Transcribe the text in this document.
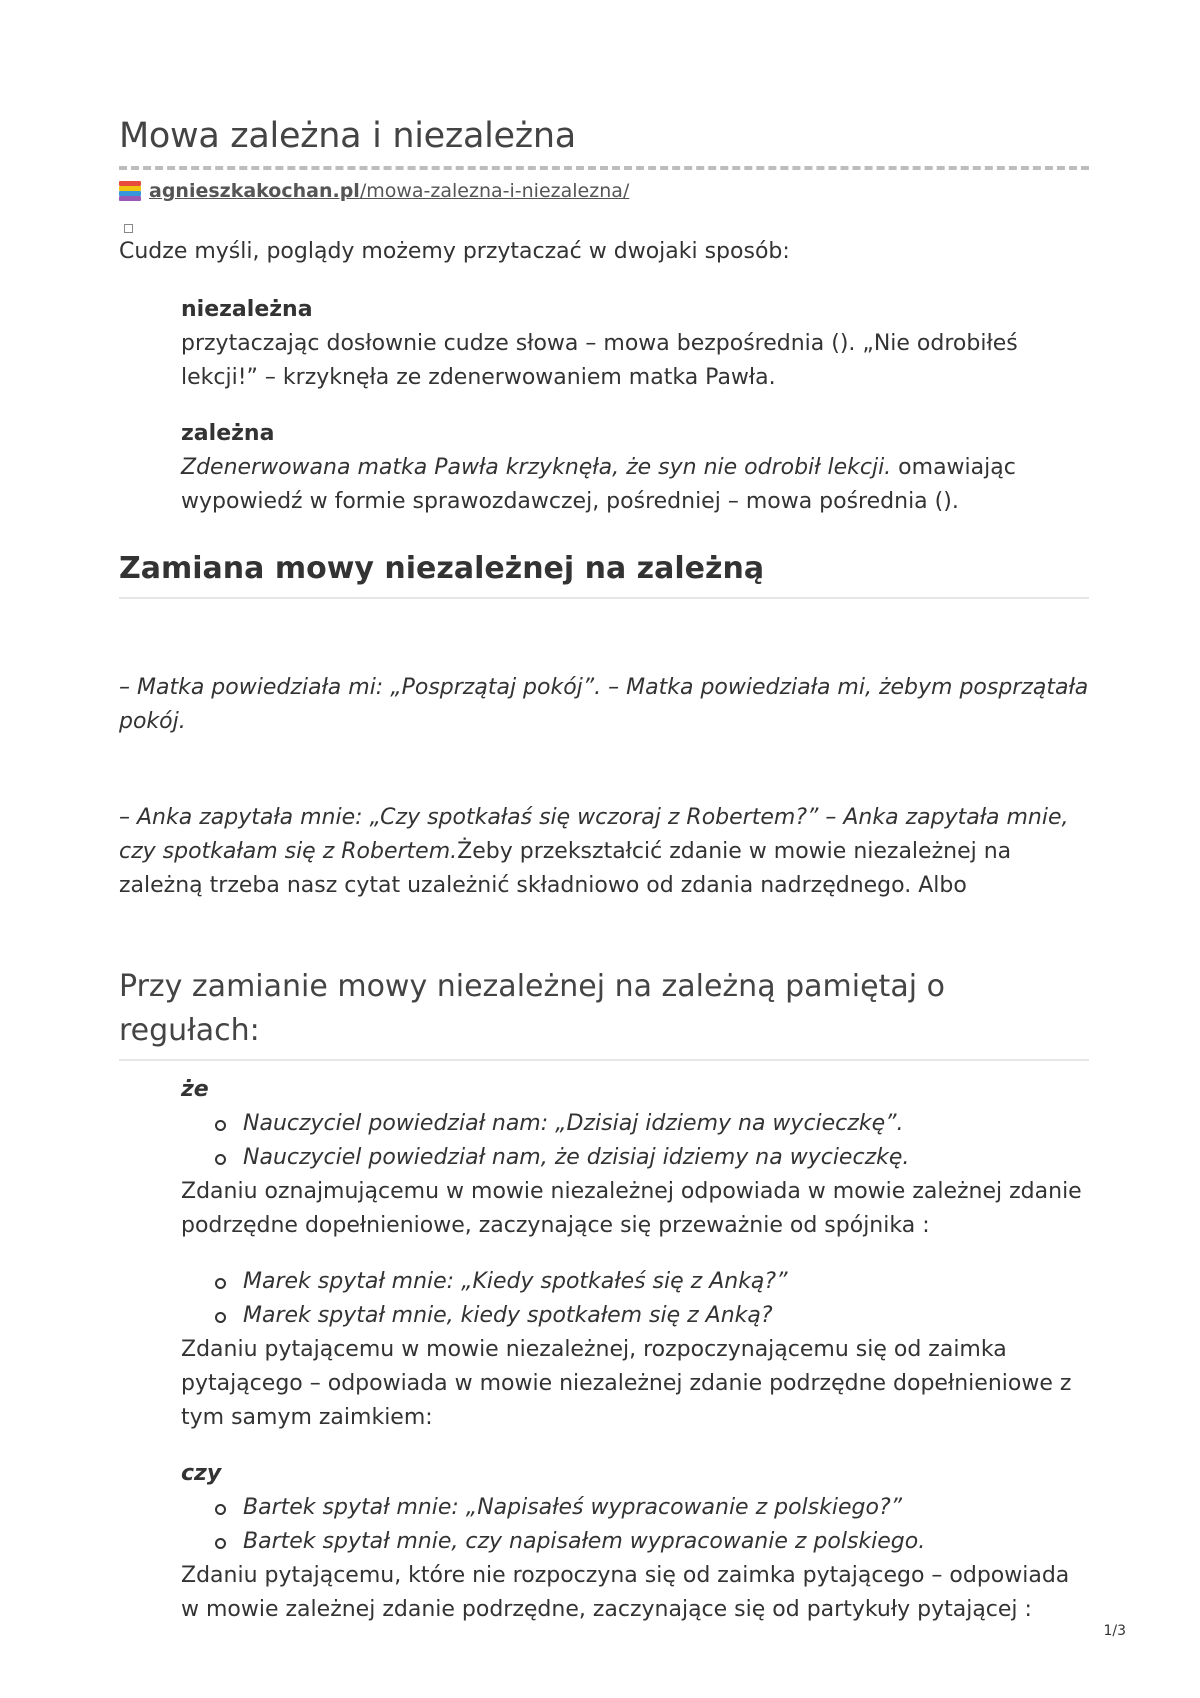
Mowa zależna i niezależna
agnieszkakochan.pl/mowa-zalezna-i-niezalezna/

Cudze myśli, poglądy możemy przytaczać w dwojaki sposób:

niezależna

przytaczając dosłownie cudze słowa – mowa bezpośrednia (). „Nie odrobiłeś lekcji!” – krzyknęła ze zdenerwowaniem matka Pawła.

zależna

Zdenerwowana matka Pawła krzyknęła, że syn nie odrobił lekcji. omawiając wypowiedź w formie sprawozdawczej, pośredniej – mowa pośrednia ().

Zamiana mowy niezależnej na zależną

– Matka powiedziała mi: „Posprzątaj pokój”. – Matka powiedziała mi, żebym posprzątała pokój.

– Anka zapytała mnie: „Czy spotkałaś się wczoraj z Robertem?” – Anka zapytała mnie, czy spotkałam się z Robertem.Żeby przekształcić zdanie w mowie niezależnej na zależną trzeba nasz cytat uzależnić składniowo od zdania nadrzędnego. Albo

Przy zamianie mowy niezależnej na zależną pamiętaj o regułach:
że
Nauczyciel powiedział nam: „Dzisiaj idziemy na wycieczkę”.
Nauczyciel powiedział nam, że dzisiaj idziemy na wycieczkę.

Zdaniu oznajmującemu w mowie niezależnej odpowiada w mowie zależnej zdanie podrzędne dopełnieniowe, zaczynające się przeważnie od spójnika :

Marek spytał mnie: „Kiedy spotkałeś się z Anką?”
Marek spytał mnie, kiedy spotkałem się z Anką?

Zdaniu pytającemu w mowie niezależnej, rozpoczynającemu się od zaimka pytającego – odpowiada w mowie niezależnej zdanie podrzędne dopełnieniowe z tym samym zaimkiem:

czy
Bartek spytał mnie: „Napisałeś wypracowanie z polskiego?”
Bartek spytał mnie, czy napisałem wypracowanie z polskiego.

Zdaniu pytającemu, które nie rozpoczyna się od zaimka pytającego – odpowiada w mowie zależnej zdanie podrzędne, zaczynające się od partykuły pytającej :

1/3
